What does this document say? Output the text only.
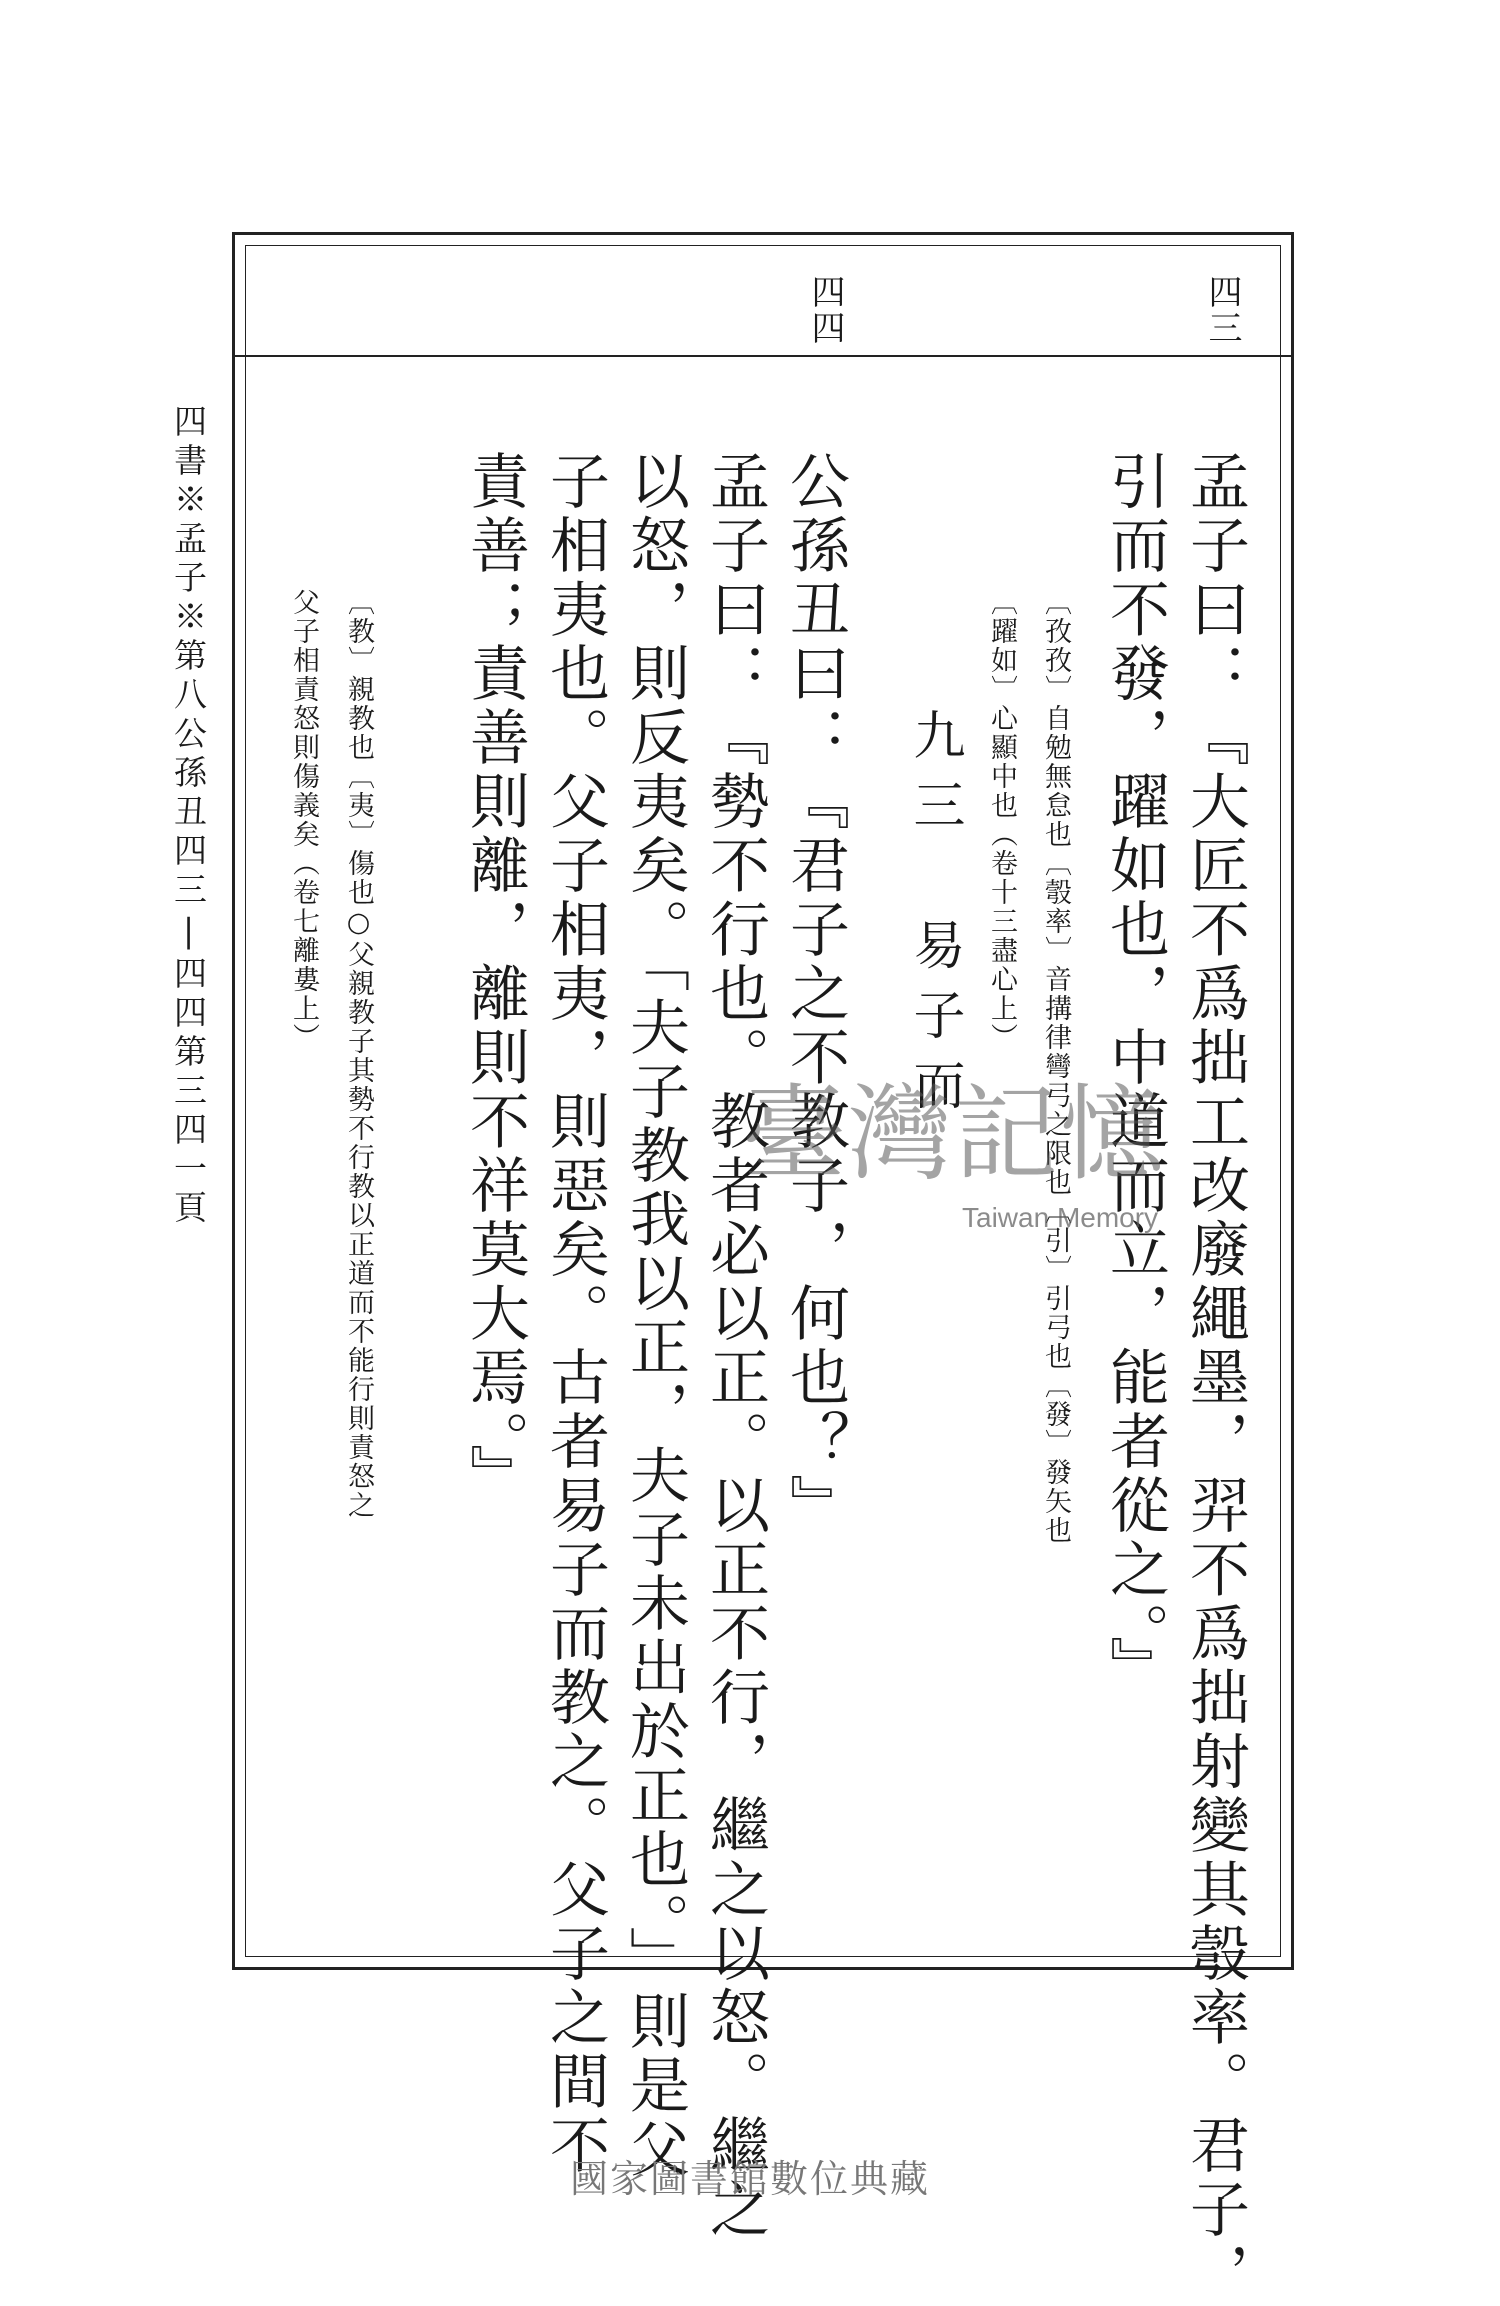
四三
四四
孟子曰：『大匠不爲拙工改廢繩墨，羿不爲拙射變其彀率。君子，
引而不發，躍如也，中道而立，能者從之。』
〔孜孜〕自勉無怠也〔彀率〕音搆律彎弓之限也〔引〕引弓也〔發〕發矢也
〔躍如〕心顯中也（卷十三盡心上）
九三　易子而
公孫丑曰：『君子之不教子，何也？』
孟子曰：『勢不行也。教者必以正。以正不行，繼之以怒。繼之
以怒，則反夷矣。「夫子教我以正，夫子未出於正也。」則是父
子相夷也。父子相夷，則惡矣。古者易子而教之。父子之間不
責善；責善則離，離則不祥莫大焉。』
〔教〕親教也〔夷〕傷也○父親教子其勢不行教以正道而不能行則責怒之
父子相責怒則傷義矣（卷七離婁上）
四書※孟子※第八公孫丑四三|四四第三四一頁	臺灣記憶
Taiwan Memory
國家圖書館數位典藏
